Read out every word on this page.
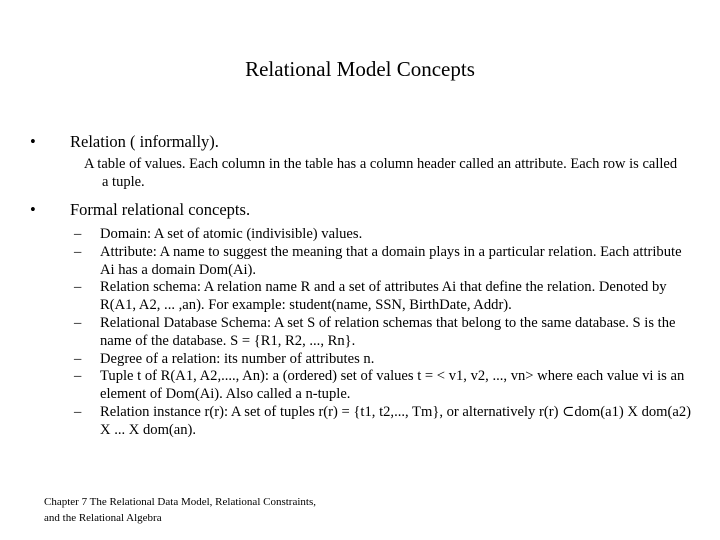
Relational Model Concepts
• Relation ( informally).
A table of values. Each column in the table has a column header called an attribute. Each row is called a tuple.
• Formal relational concepts.
– Domain: A set of atomic (indivisible) values.
– Attribute: A name to suggest the meaning that a domain plays in a particular relation. Each attribute Ai has a domain Dom(Ai).
– Relation schema: A relation name R and a set of attributes Ai that define the relation. Denoted by R(A1, A2, ... ,an). For example: student(name, SSN, BirthDate, Addr).
– Relational Database Schema: A set S of relation schemas that belong to the same database. S is the name of the database. S = {R1, R2, ..., Rn}.
– Degree of a relation: its number of attributes n.
– Tuple t of R(A1, A2,...., An): a (ordered) set of values t = < v1, v2, ..., vn> where each value vi is an element of Dom(Ai). Also called a n-tuple.
– Relation instance r(r): A set of tuples r(r) = {t1, t2,..., Tm}, or alternatively r(r) ⊂dom(a1) X dom(a2) X ... X dom(an).
Chapter 7 The Relational Data Model, Relational Constraints, and the Relational Algebra
